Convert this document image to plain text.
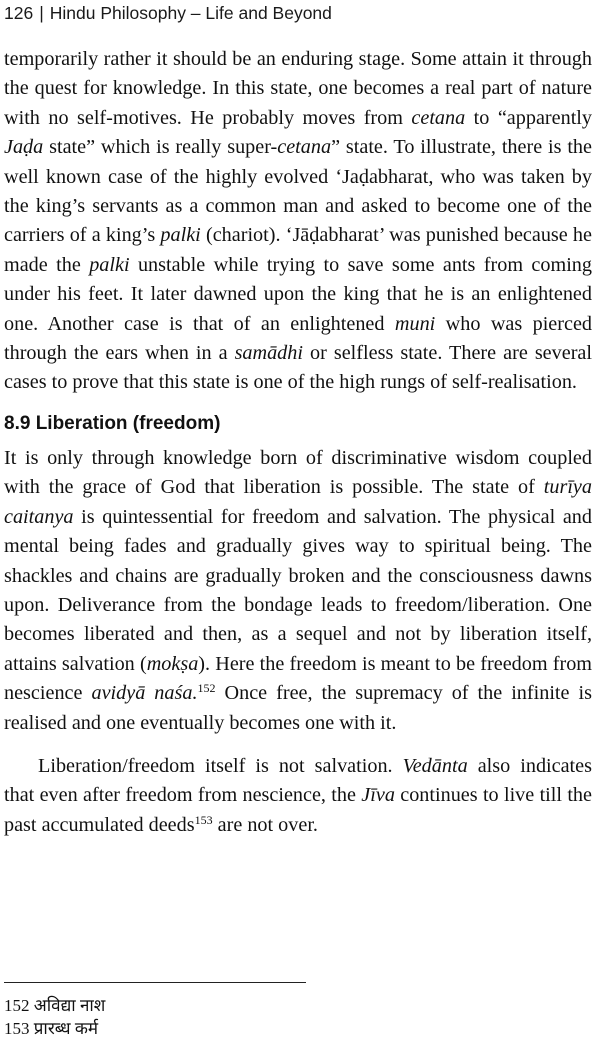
126 | Hindu Philosophy – Life and Beyond

temporarily rather it should be an enduring stage. Some attain it through the quest for knowledge. In this state, one becomes a real part of nature with no self-motives. He probably moves from cetana to “apparently Jaḍa state” which is really super-cetana” state. To illustrate, there is the well known case of the highly evolved ‘Jaḍabharat, who was taken by the king’s servants as a common man and asked to become one of the carriers of a king’s palki (chariot). ‘Jāḍabharat’ was punished because he made the palki unstable while trying to save some ants from coming under his feet. It later dawned upon the king that he is an enlightened one. Another case is that of an enlightened muni who was pierced through the ears when in a samādhi or selfless state. There are several cases to prove that this state is one of the high rungs of self-realisation.

8.9 Liberation (freedom)

It is only through knowledge born of discriminative wisdom coupled with the grace of God that liberation is possible. The state of turīya caitanya is quintessential for freedom and salvation. The physical and mental being fades and gradually gives way to spiritual being. The shackles and chains are gradually broken and the consciousness dawns upon. Deliverance from the bondage leads to freedom/liberation. One becomes liberated and then, as a sequel and not by liberation itself, attains salvation (mokṣa). Here the freedom is meant to be freedom from nescience avidyā naśa.$^{152}$ Once free, the supremacy of the infinite is realised and one eventually becomes one with it.

Liberation/freedom itself is not salvation. Vedānta also indicates that even after freedom from nescience, the Jīva continues to live till the past accumulated deeds$^{153}$ are not over.

152 अविद्या नाश
153 प्रारब्ध कर्म
